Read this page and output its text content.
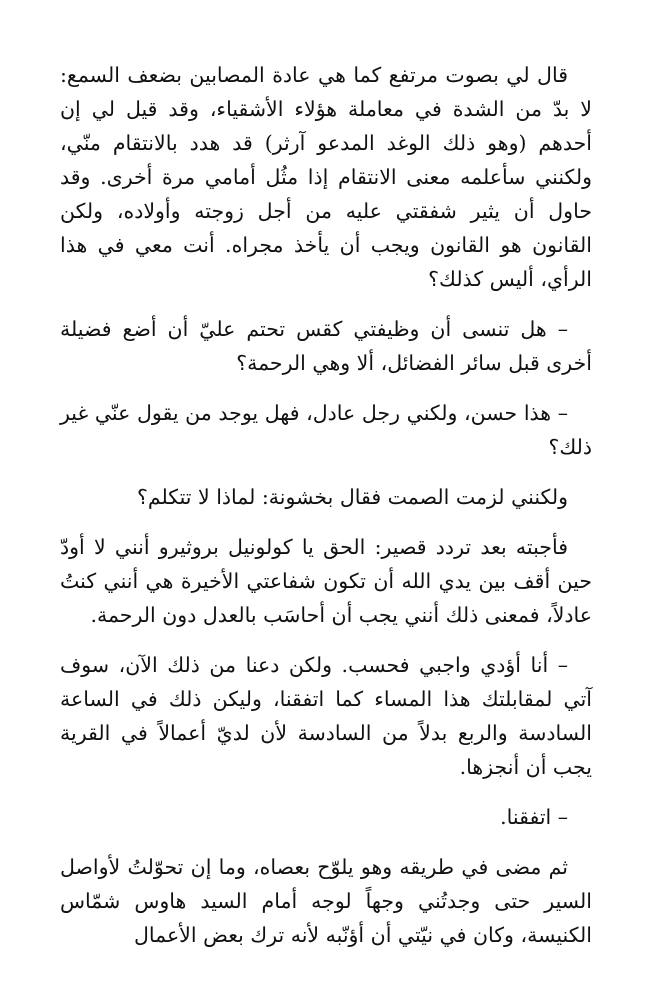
قال لي بصوت مرتفع كما هي عادة المصابين بضعف السمع: لا بدّ من الشدة في معاملة هؤلاء الأشقياء، وقد قيل لي إن أحدهم (وهو ذلك الوغد المدعو آرثر) قد هدد بالانتقام منّي، ولكنني سأعلمه معنى الانتقام إذا مثُل أمامي مرة أخرى. وقد حاول أن يثير شفقتي عليه من أجل زوجته وأولاده، ولكن القانون هو القانون ويجب أن يأخذ مجراه. أنت معي في هذا الرأي، أليس كذلك؟

– هل تنسى أن وظيفتي كقس تحتم عليّ أن أضع فضيلة أخرى قبل سائر الفضائل، ألا وهي الرحمة؟

– هذا حسن، ولكني رجل عادل، فهل يوجد من يقول عنّي غير ذلك؟

ولكنني لزمت الصمت فقال بخشونة: لماذا لا تتكلم؟

فأجبته بعد تردد قصير: الحق يا كولونيل بروثيرو أنني لا أودّ حين أقف بين يدي الله أن تكون شفاعتي الأخيرة هي أنني كنتُ عادلاً، فمعنى ذلك أنني يجب أن أحاسَب بالعدل دون الرحمة.

– أنا أؤدي واجبي فحسب. ولكن دعنا من ذلك الآن، سوف آتي لمقابلتك هذا المساء كما اتفقنا، وليكن ذلك في الساعة السادسة والربع بدلاً من السادسة لأن لديّ أعمالاً في القرية يجب أن أنجزها.

– اتفقنا.

ثم مضى في طريقه وهو يلوّح بعصاه، وما إن تحوّلتُ لأواصل السير حتى وجدتُني وجهاً لوجه أمام السيد هاوس شمّاس الكنيسة، وكان في نيّتي أن أؤنّبه لأنه ترك بعض الأعمال
